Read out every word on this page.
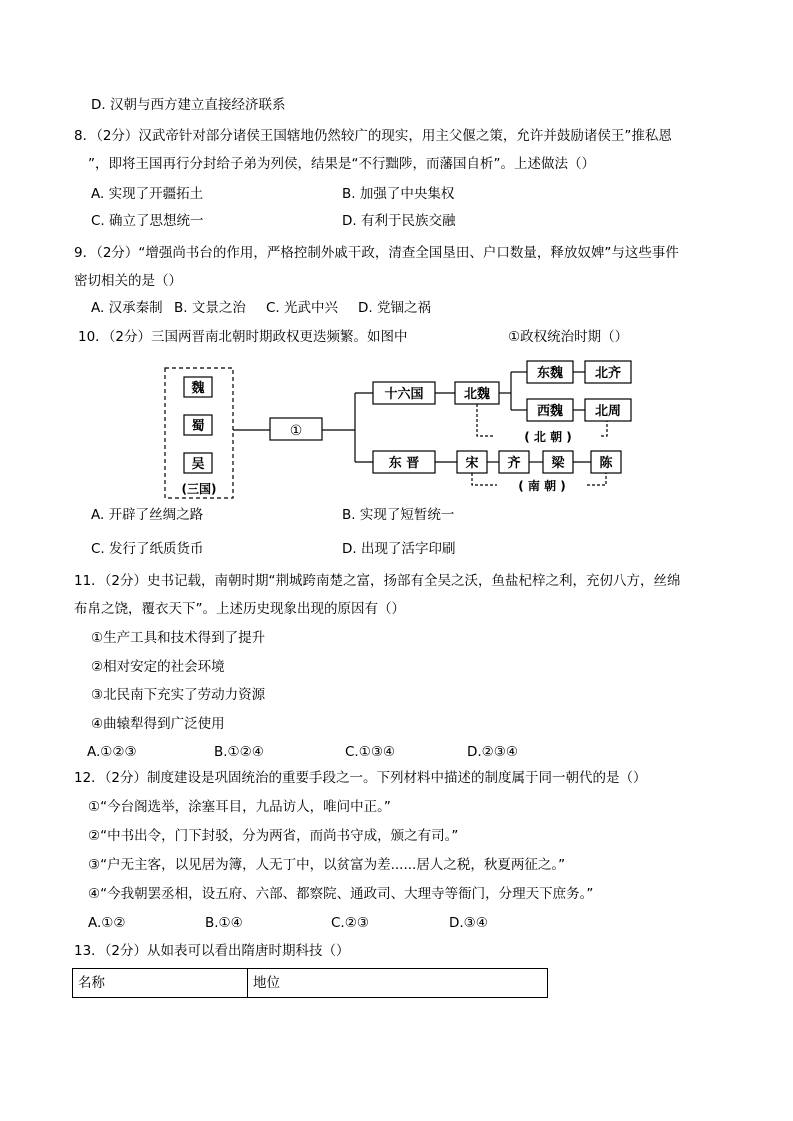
D. 汉朝与西方建立直接经济联系
8．（2分）汉武帝针对部分诸侯王国辖地仍然较广的现实，用主父偃之策，允许并鼓励诸侯王”推私恩
”，即将王国再行分封给子弟为列侯，结果是“不行黜陟，而藩国自析”。上述做法（）
A. 实现了开疆拓土	B. 加强了中央集权
C. 确立了思想统一	D. 有利于民族交融
9．（2分）“增强尚书台的作用，严格控制外戚干政，清查全国垦田、户口数量，释放奴婢”与这些事件
密切相关的是（）
A. 汉承秦制 B. 文景之治 C. 光武中兴 D. 党锢之祸
10．（2分）三国两晋南北朝时期政权更迭频繁。如图中	①政权统治时期（）
魏
蜀
吴
(三国)
①
十六国	北魏
东魏 北齐
西魏 北周
( 北 朝 )
东 晋	宋 齐 梁	陈
( 南 朝 )
A. 开辟了丝绸之路	B. 实现了短暂统一
C. 发行了纸质货币	D. 出现了活字印刷
11．（2分）史书记载，南朝时期“荆城跨南楚之富，扬部有全吴之沃，鱼盐杞梓之利，充仞八方，丝绵
布帛之饶，覆衣天下”。上述历史现象出现的原因有（）
①生产工具和技术得到了提升
②相对安定的社会环境
③北民南下充实了劳动力资源
④曲辕犁得到广泛使用
A.①②③	B.①②④	C.①③④	D.②③④
12．（2分）制度建设是巩固统治的重要手段之一。下列材料中描述的制度属于同一朝代的是（）
①“今台阁选举，涂塞耳目，九品访人，唯问中正。”
②“中书出令，门下封驳，分为两省，而尚书守成，颁之有司。”
③“户无主客，以见居为簿，人无丁中，以贫富为差......居人之税，秋夏两征之。”
④“今我朝罢丞相，设五府、六部、都察院、通政司、大理寺等衙门，分理天下庶务。”
A.①②	B.①④	C.②③	D.③④
13．（2分）从如表可以看出隋唐时期科技（）
名称	地位
